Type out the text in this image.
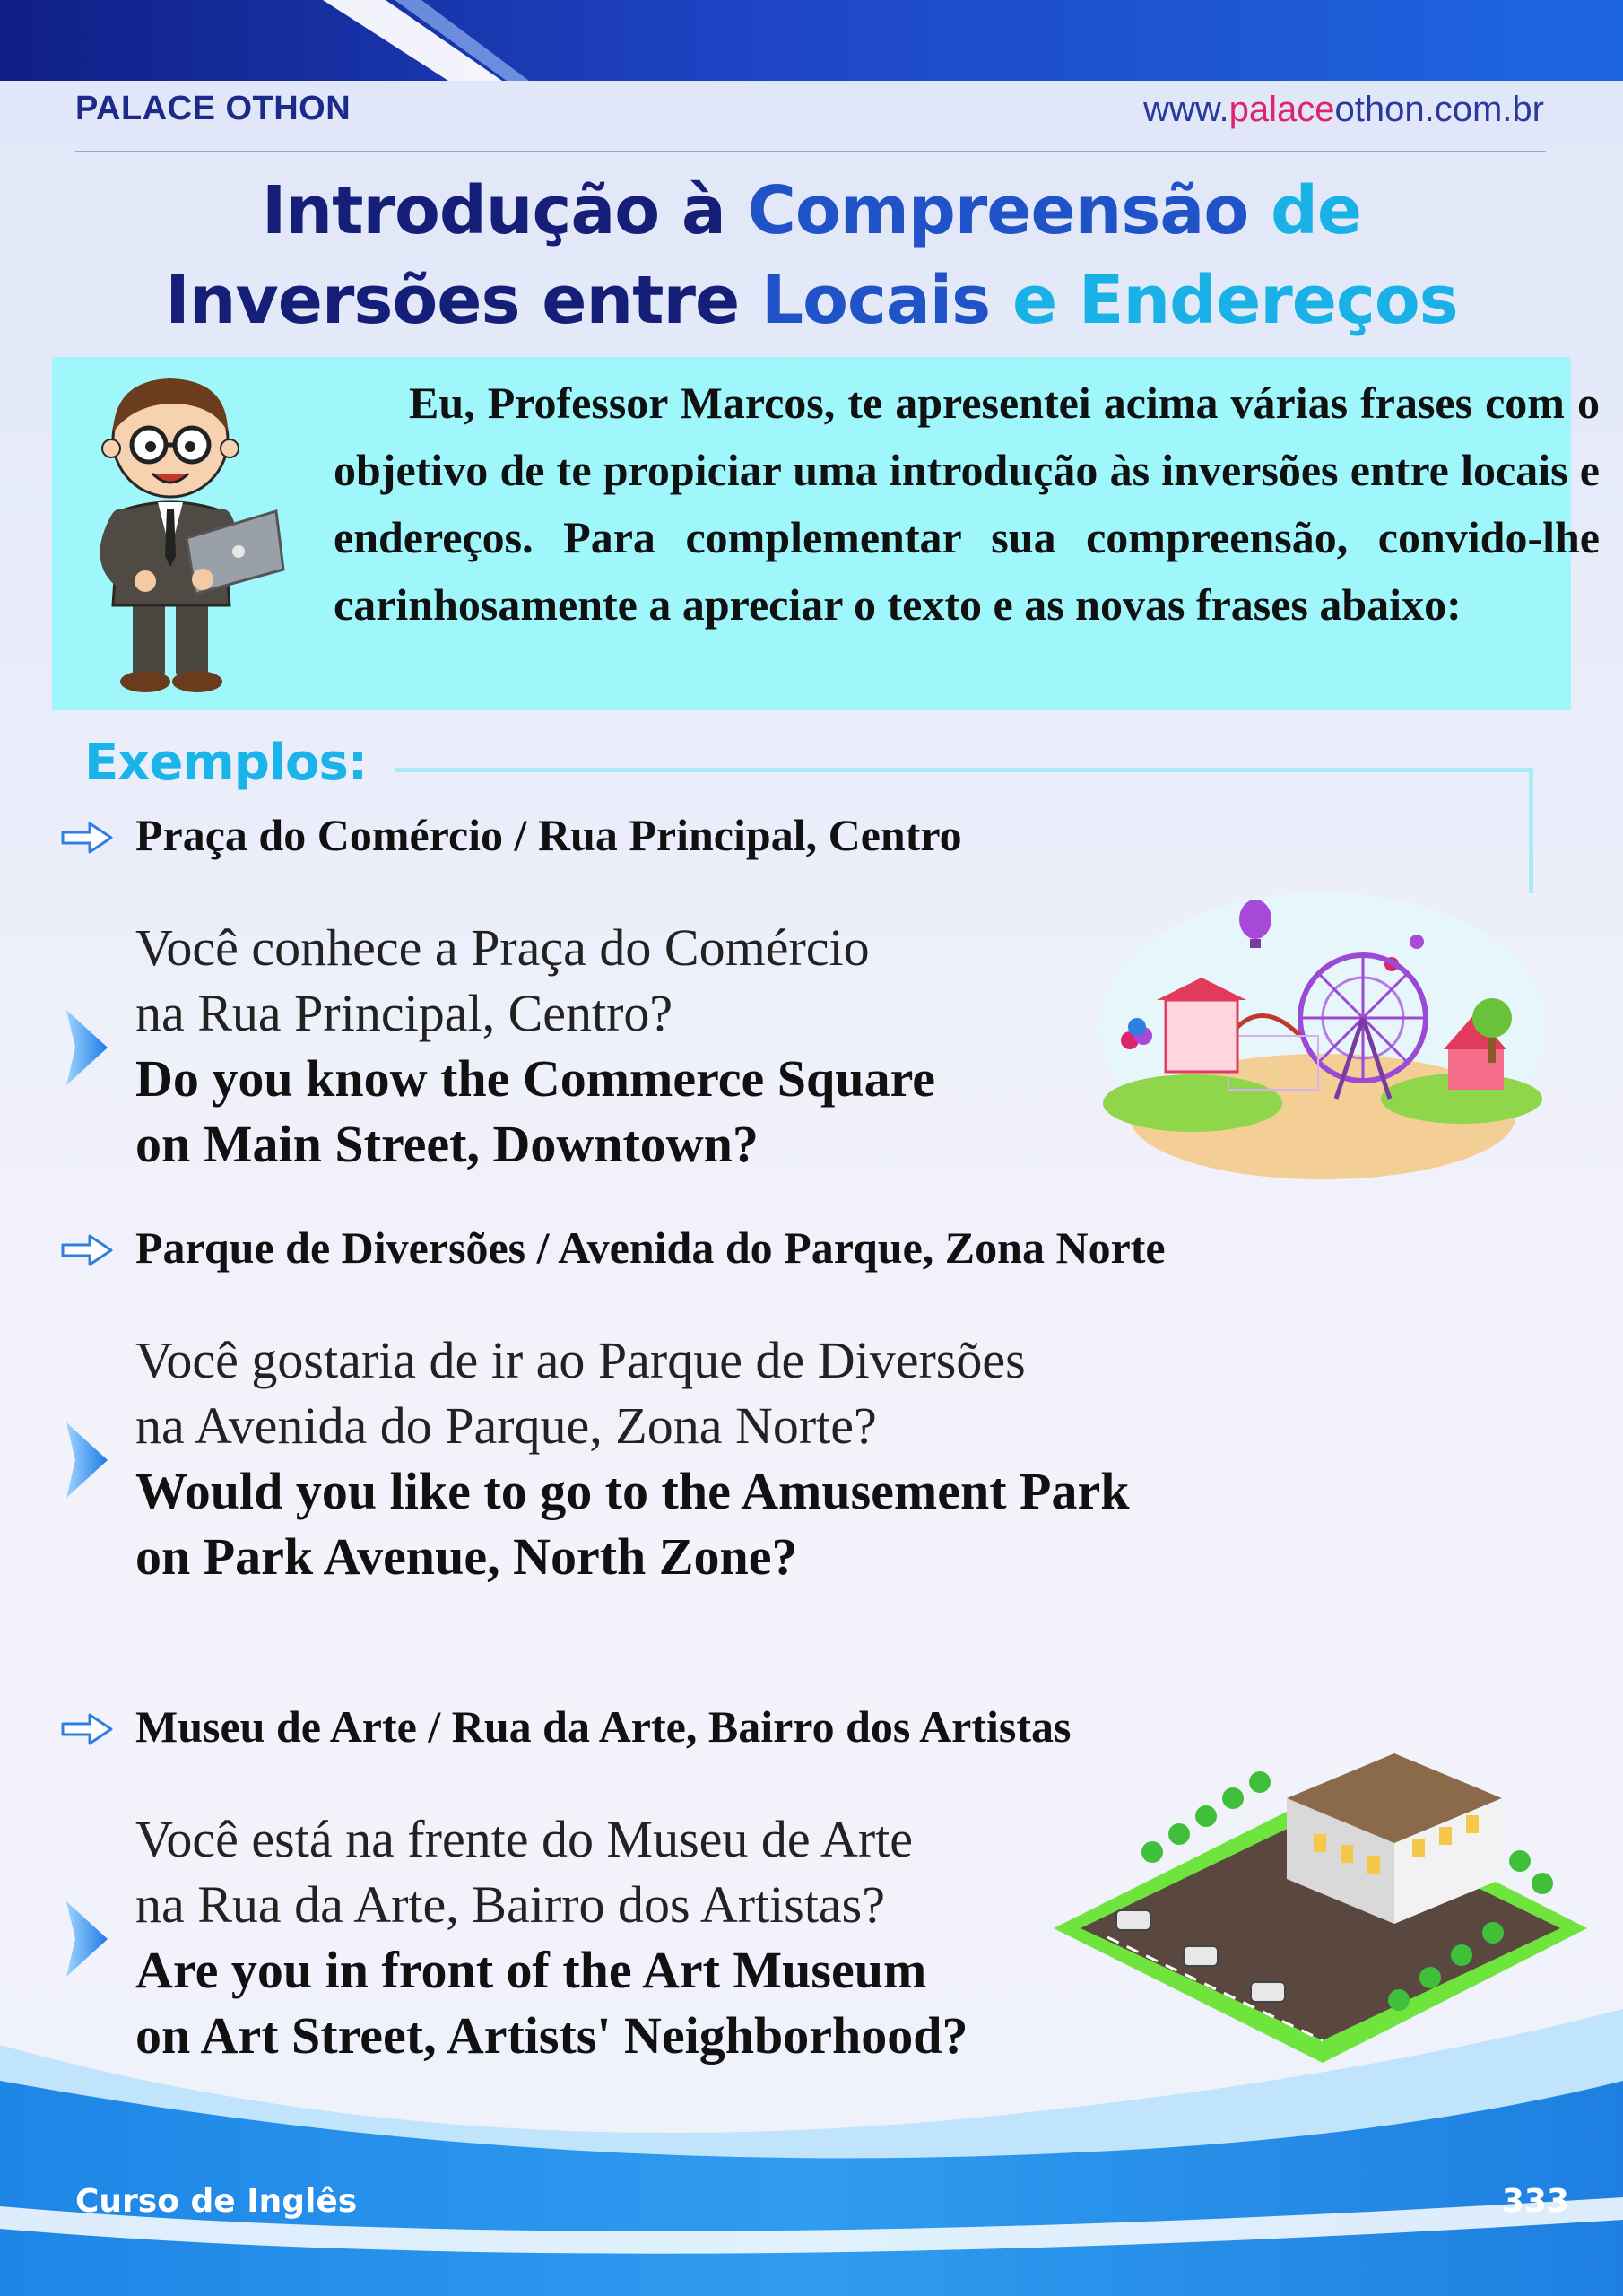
PALACE OTHON	www.palaceothon.com.br
Introdução à Compreensão de
Inversões entre Locais e Endereços
Eu, Professor Marcos, te apresentei acima várias frases com o objetivo de te propiciar uma introdução às inversões entre locais e endereços. Para complementar sua compreensão, convido-lhe carinhosamente a apreciar o texto e as novas frases abaixo:
Exemplos:
Praça do Comércio / Rua Principal, Centro
Você conhece a Praça do Comércio
na Rua Principal, Centro?
Do you know the Commerce Square
on Main Street, Downtown?
Parque de Diversões / Avenida do Parque, Zona Norte
Você gostaria de ir ao Parque de Diversões
na Avenida do Parque, Zona Norte?
Would you like to go to the Amusement Park
on Park Avenue, North Zone?
Museu de Arte / Rua da Arte, Bairro dos Artistas
Você está na frente do Museu de Arte
na Rua da Arte, Bairro dos Artistas?
Are you in front of the Art Museum
on Art Street, Artists' Neighborhood?
Curso de Inglês	333
